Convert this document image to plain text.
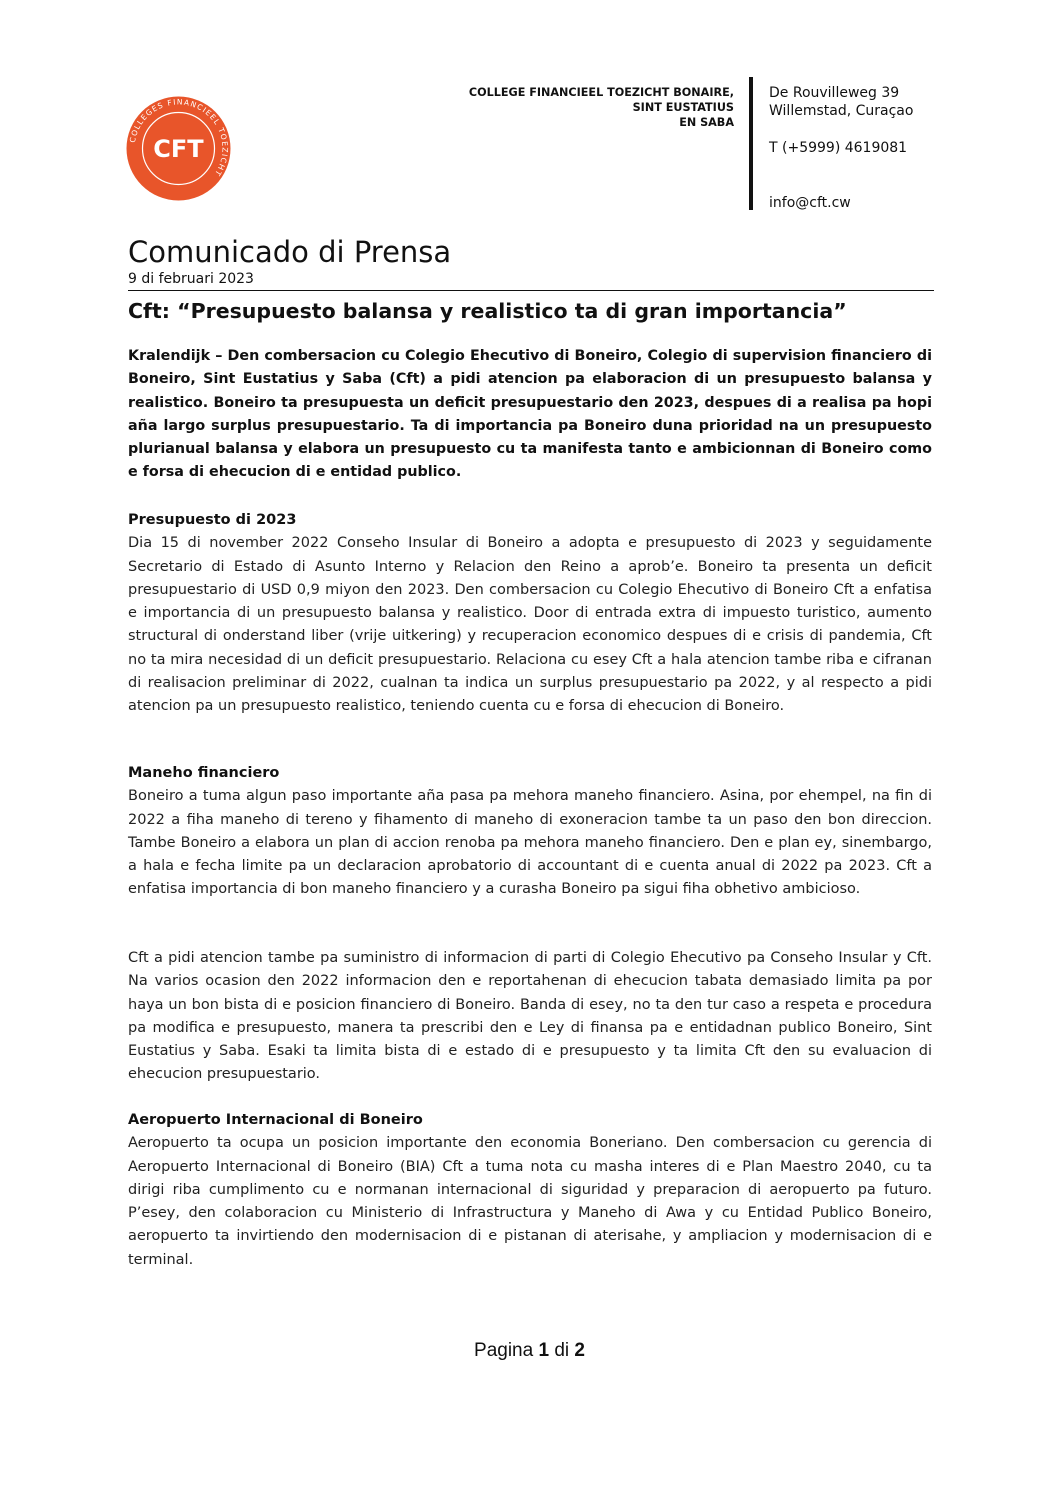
COLLEGES FINANCIEEL TOEZICHT
CFT
COLLEGE FINANCIEEL TOEZICHT BONAIRE,
SINT EUSTATIUS
EN SABA
De Rouvilleweg 39
Willemstad, Curaçao
T (+5999) 4619081
info@cft.cw
Comunicado di Prensa
9 di februari 2023
Cft: “Presupuesto balansa y realistico ta di gran importancia”
Kralendijk – Den combersacion cu Colegio Ehecutivo di Boneiro, Colegio di supervision financiero di Boneiro, Sint Eustatius y Saba (Cft) a pidi atencion pa elaboracion di un presupuesto balansa y realistico. Boneiro ta presupuesta un deficit presupuestario den 2023, despues di a realisa pa hopi aña largo surplus presupuestario. Ta di importancia pa Boneiro duna prioridad na un presupuesto plurianual balansa y elabora un presupuesto cu ta manifesta tanto e ambicionnan di Boneiro como e forsa di ehecucion di e entidad publico.
Presupuesto di 2023

Dia 15 di november 2022 Conseho Insular di Boneiro a adopta e presupuesto di 2023 y seguidamente Secretario di Estado di Asunto Interno y Relacion den Reino a aprob’e. Boneiro ta presenta un deficit presupuestario di USD 0,9 miyon den 2023. Den combersacion cu Colegio Ehecutivo di Boneiro Cft a enfatisa e importancia di un presupuesto balansa y realistico. Door di entrada extra di impuesto turistico, aumento structural di onderstand liber (vrije uitkering) y recuperacion economico despues di e crisis di pandemia, Cft no ta mira necesidad di un deficit presupuestario. Relaciona cu esey Cft a hala atencion tambe riba e cifranan di realisacion preliminar di 2022, cualnan ta indica un surplus presupuestario pa 2022, y al respecto a pidi atencion pa un presupuesto realistico, teniendo cuenta cu e forsa di ehecucion di Boneiro.

Maneho financiero

Boneiro a tuma algun paso importante aña pasa pa mehora maneho financiero. Asina, por ehempel, na fin di 2022 a fiha maneho di tereno y fihamento di maneho di exoneracion tambe ta un paso den bon direccion. Tambe Boneiro a elabora un plan di accion renoba pa mehora maneho financiero. Den e plan ey, sinembargo, a hala e fecha limite pa un declaracion aprobatorio di accountant di e cuenta anual di 2022 pa 2023. Cft a enfatisa importancia di bon maneho financiero y a curasha Boneiro pa sigui fiha obhetivo ambicioso.

Cft a pidi atencion tambe pa suministro di informacion di parti di Colegio Ehecutivo pa Conseho Insular y Cft. Na varios ocasion den 2022 informacion den e reportahenan di ehecucion tabata demasiado limita pa por haya un bon bista di e posicion financiero di Boneiro. Banda di esey, no ta den tur caso a respeta e procedura pa modifica e presupuesto, manera ta prescribi den e Ley di finansa pa e entidadnan publico Boneiro, Sint Eustatius y Saba. Esaki ta limita bista di e estado di e presupuesto y ta limita Cft den su evaluacion di ehecucion presupuestario.

Aeropuerto Internacional di Boneiro

Aeropuerto ta ocupa un posicion importante den economia Boneriano. Den combersacion cu gerencia di Aeropuerto Internacional di Boneiro (BIA) Cft a tuma nota cu masha interes di e Plan Maestro 2040, cu ta dirigi riba cumplimento cu e normanan internacional di siguridad y preparacion di aeropuerto pa futuro. P’esey, den colaboracion cu Ministerio di Infrastructura y Maneho di Awa y cu Entidad Publico Boneiro, aeropuerto ta invirtiendo den modernisacion di e pistanan di aterisahe, y ampliacion y modernisacion di e terminal.

Pagina 1 di 2
